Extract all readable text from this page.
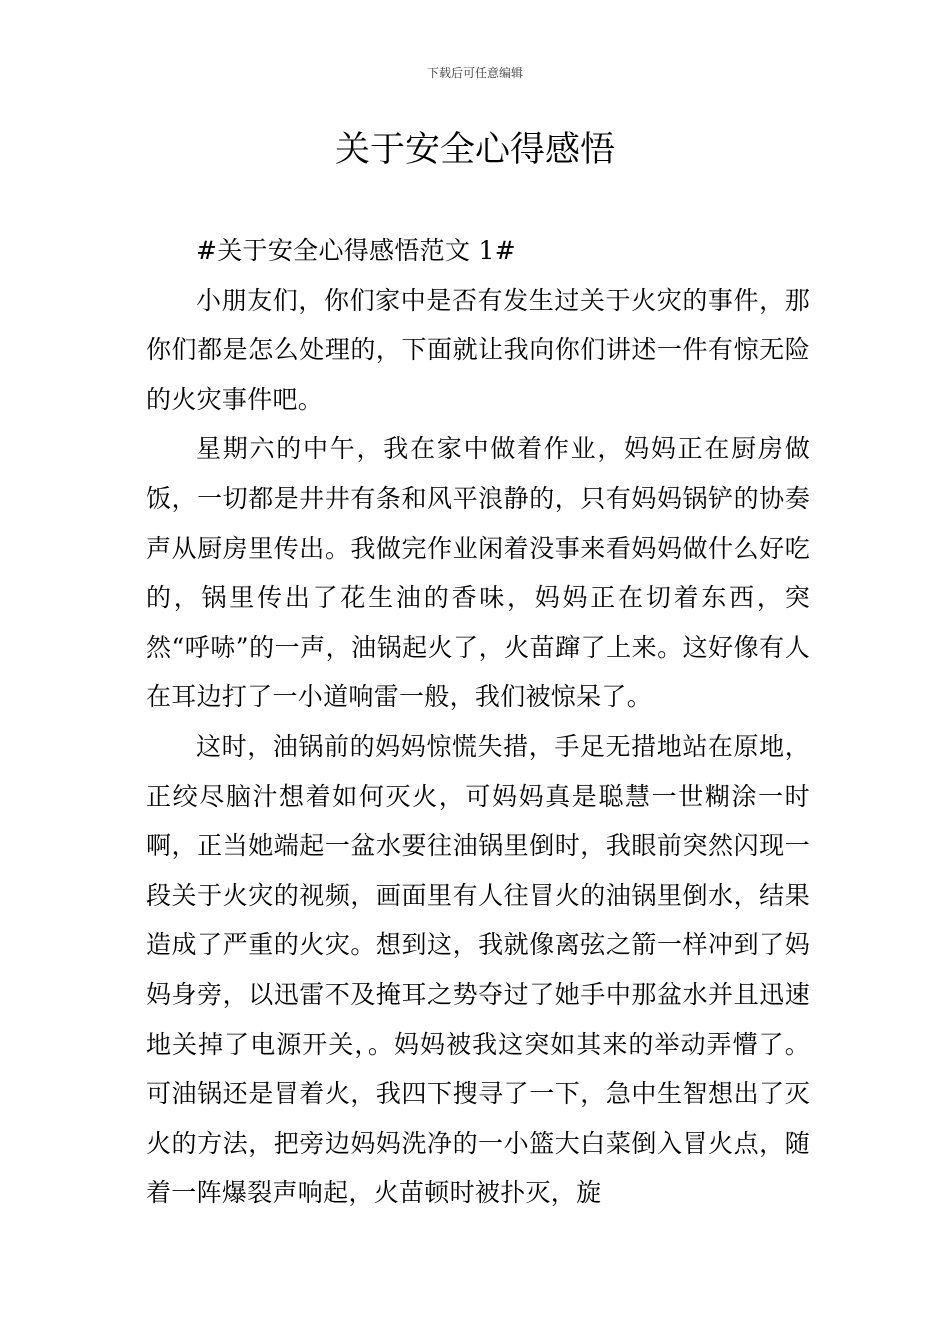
下载后可任意编辑
关于安全心得感悟

#关于安全心得感悟范文 1#

小朋友们，你们家中是否有发生过关于火灾的事件，那你们都是怎么处理的，下面就让我向你们讲述一件有惊无险的火灾事件吧。

星期六的中午，我在家中做着作业，妈妈正在厨房做饭，一切都是井井有条和风平浪静的，只有妈妈锅铲的协奏声从厨房里传出。我做完作业闲着没事来看妈妈做什么好吃的，锅里传出了花生油的香味，妈妈正在切着东西，突然“呼哧”的一声，油锅起火了，火苗蹿了上来。这好像有人在耳边打了一小道响雷一般，我们被惊呆了。

这时，油锅前的妈妈惊慌失措，手足无措地站在原地，正绞尽脑汁想着如何灭火，可妈妈真是聪慧一世糊涂一时啊，正当她端起一盆水要往油锅里倒时，我眼前突然闪现一段关于火灾的视频，画面里有人往冒火的油锅里倒水，结果造成了严重的火灾。想到这，我就像离弦之箭一样冲到了妈妈身旁，以迅雷不及掩耳之势夺过了她手中那盆水并且迅速地关掉了电源开关，。妈妈被我这突如其来的举动弄懵了。可油锅还是冒着火，我四下搜寻了一下，急中生智想出了灭火的方法，把旁边妈妈洗净的一小篮大白菜倒入冒火点，随着一阵爆裂声响起，火苗顿时被扑灭，旋
